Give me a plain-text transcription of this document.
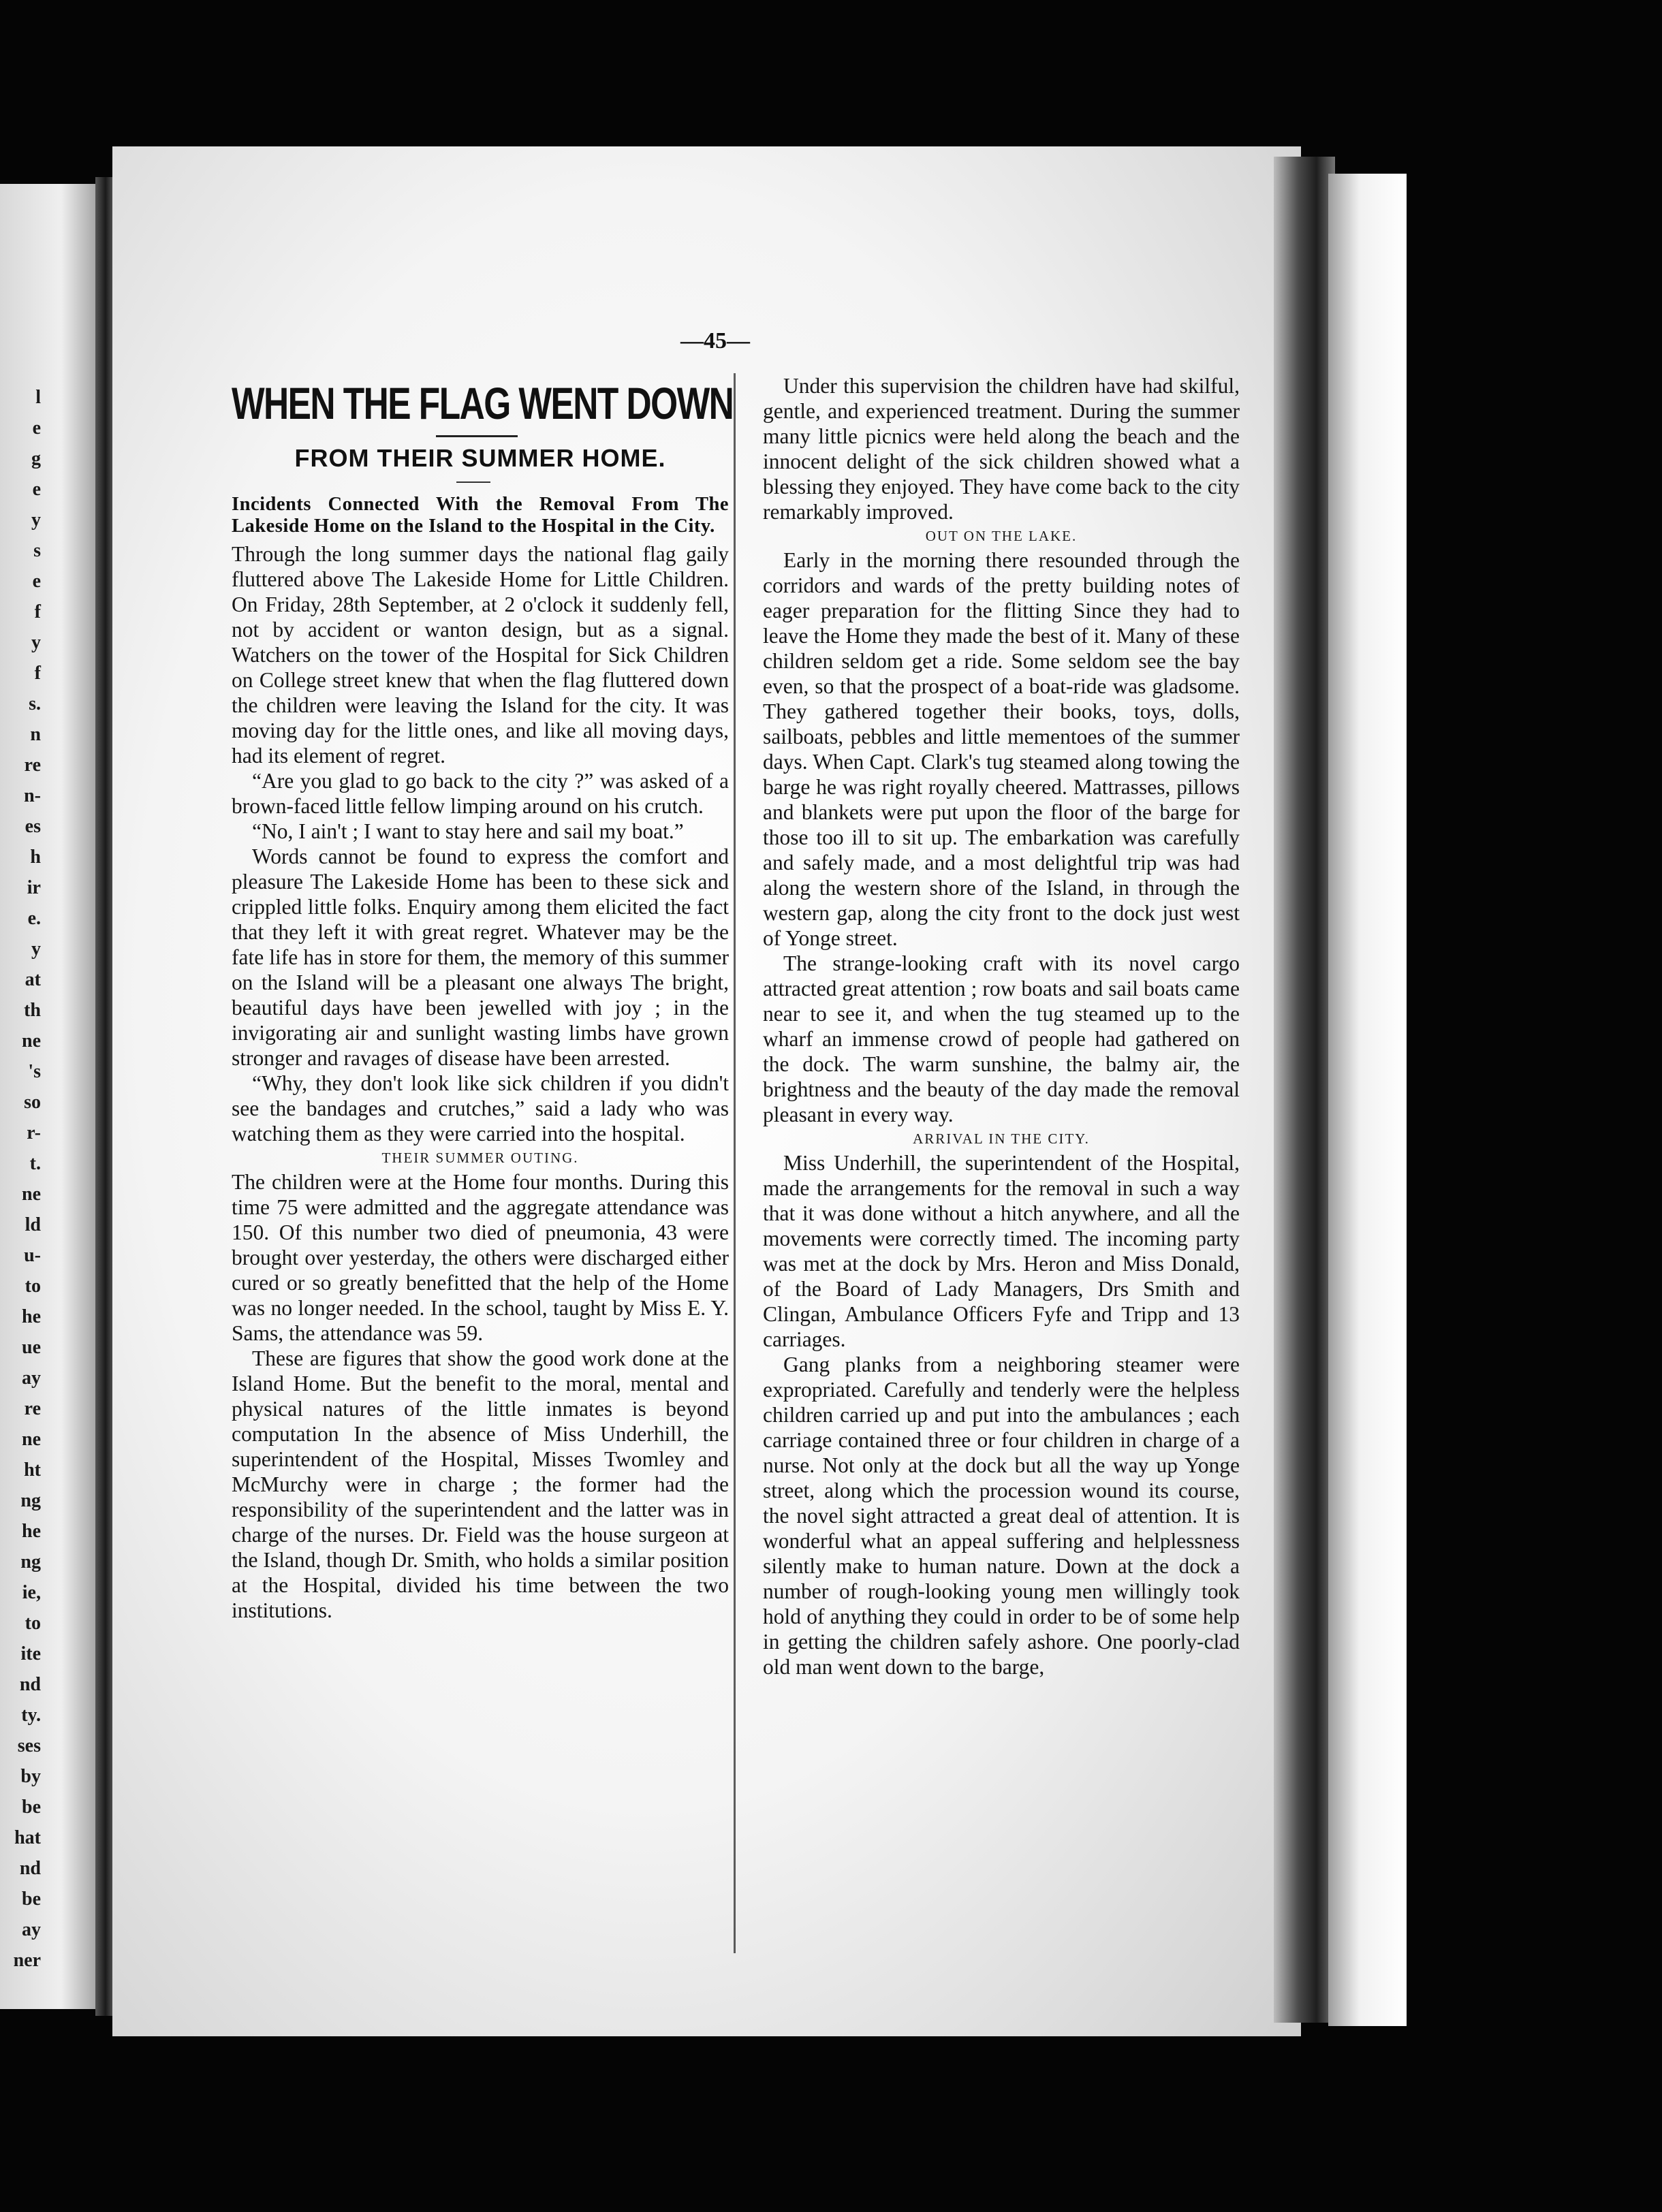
l
e
g
e
y
s
e
f
y
f
s.
n
re
n-
es
h
ir
e.
y
at
th
ne
's
so
r-
t.
ne
ld
u-
to
he
ue
ay
re
ne
ht
ng
he
ng
ie,
to
ite
nd
ty.
ses
by
be
hat
nd
be
ay
ner
—45—
WHEN THE FLAG WENT DOWN
FROM THEIR SUMMER HOME.
Incidents Connected With the Removal From The Lakeside Home on the Island to the Hospital in the City.

Through the long summer days the national flag gaily fluttered above The Lakeside Home for Little Children. On Friday, 28th September, at 2 o'clock it suddenly fell, not by accident or wanton design, but as a signal. Watchers on the tower of the Hospital for Sick Children on College street knew that when the flag fluttered down the children were leaving the Island for the city. It was moving day for the little ones, and like all moving days, had its element of regret.

“Are you glad to go back to the city ?” was asked of a brown-faced little fellow limping around on his crutch.

“No, I ain't ; I want to stay here and sail my boat.”

Words cannot be found to express the comfort and pleasure The Lakeside Home has been to these sick and crippled little folks. Enquiry among them elicited the fact that they left it with great regret. Whatever may be the fate life has in store for them, the memory of this summer on the Island will be a pleasant one always The bright, beautiful days have been jewelled with joy ; in the invigorating air and sunlight wasting limbs have grown stronger and ravages of disease have been arrested.

“Why, they don't look like sick children if you didn't see the bandages and crutches,” said a lady who was watching them as they were carried into the hospital.

THEIR SUMMER OUTING.

The children were at the Home four months. During this time 75 were admitted and the aggregate attendance was 150. Of this number two died of pneumonia, 43 were brought over yesterday, the others were discharged either cured or so greatly benefitted that the help of the Home was no longer needed. In the school, taught by Miss E. Y. Sams, the attendance was 59.

These are figures that show the good work done at the Island Home. But the benefit to the moral, mental and physical natures of the little inmates is beyond computation In the absence of Miss Underhill, the superintendent of the Hospital, Misses Twomley and McMurchy were in charge ; the former had the responsibility of the superintendent and the latter was in charge of the nurses. Dr. Field was the house surgeon at the Island, though Dr. Smith, who holds a similar position at the Hospital, divided his time between the two institutions.

Under this supervision the children have had skilful, gentle, and experienced treatment. During the summer many little picnics were held along the beach and the innocent delight of the sick children showed what a blessing they enjoyed. They have come back to the city remarkably improved.

OUT ON THE LAKE.

Early in the morning there resounded through the corridors and wards of the pretty building notes of eager preparation for the flitting Since they had to leave the Home they made the best of it. Many of these children seldom get a ride. Some seldom see the bay even, so that the prospect of a boat-ride was gladsome. They gathered together their books, toys, dolls, sailboats, pebbles and little mementoes of the summer days. When Capt. Clark's tug steamed along towing the barge he was right royally cheered. Mattrasses, pillows and blankets were put upon the floor of the barge for those too ill to sit up. The embarkation was carefully and safely made, and a most delightful trip was had along the western shore of the Island, in through the western gap, along the city front to the dock just west of Yonge street.

The strange-looking craft with its novel cargo attracted great attention ; row boats and sail boats came near to see it, and when the tug steamed up to the wharf an immense crowd of people had gathered on the dock. The warm sunshine, the balmy air, the brightness and the beauty of the day made the removal pleasant in every way.

ARRIVAL IN THE CITY.

Miss Underhill, the superintendent of the Hospital, made the arrangements for the removal in such a way that it was done without a hitch anywhere, and all the movements were correctly timed. The incoming party was met at the dock by Mrs. Heron and Miss Donald, of the Board of Lady Managers, Drs Smith and Clingan, Ambulance Officers Fyfe and Tripp and 13 carriages.

Gang planks from a neighboring steamer were expropriated. Carefully and tenderly were the helpless children carried up and put into the ambulances ; each carriage contained three or four children in charge of a nurse. Not only at the dock but all the way up Yonge street, along which the procession wound its course, the novel sight attracted a great deal of attention. It is wonderful what an appeal suffering and helplessness silently make to human nature. Down at the dock a number of rough-looking young men willingly took hold of anything they could in order to be of some help in getting the children safely ashore. One poorly-clad old man went down to the barge,
